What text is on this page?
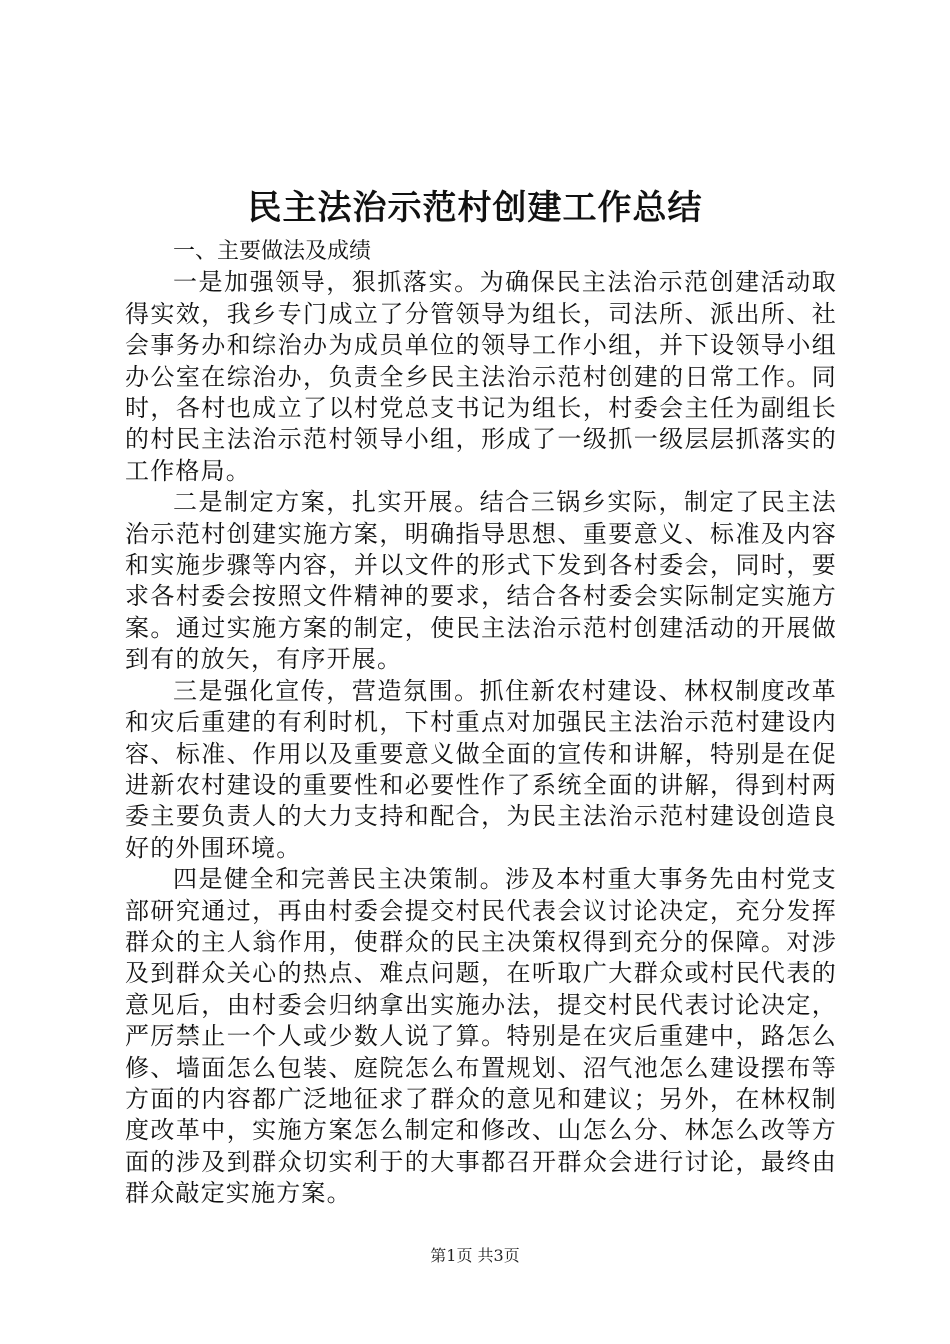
民主法治示范村创建工作总结

一、主要做法及成绩

一是加强领导，狠抓落实。为确保民主法治示范创建活动取得实效，我乡专门成立了分管领导为组长，司法所、派出所、社会事务办和综治办为成员单位的领导工作小组，并下设领导小组办公室在综治办，负责全乡民主法治示范村创建的日常工作。同时，各村也成立了以村党总支书记为组长，村委会主任为副组长的村民主法治示范村领导小组，形成了一级抓一级层层抓落实的工作格局。

二是制定方案，扎实开展。结合三锅乡实际，制定了民主法治示范村创建实施方案，明确指导思想、重要意义、标准及内容和实施步骤等内容，并以文件的形式下发到各村委会，同时，要求各村委会按照文件精神的要求，结合各村委会实际制定实施方案。通过实施方案的制定，使民主法治示范村创建活动的开展做到有的放矢，有序开展。

三是强化宣传，营造氛围。抓住新农村建设、林权制度改革和灾后重建的有利时机，下村重点对加强民主法治示范村建设内容、标准、作用以及重要意义做全面的宣传和讲解，特别是在促进新农村建设的重要性和必要性作了系统全面的讲解，得到村两委主要负责人的大力支持和配合，为民主法治示范村建设创造良好的外围环境。

四是健全和完善民主决策制。涉及本村重大事务先由村党支部研究通过，再由村委会提交村民代表会议讨论决定，充分发挥群众的主人翁作用，使群众的民主决策权得到充分的保障。对涉及到群众关心的热点、难点问题，在听取广大群众或村民代表的意见后，由村委会归纳拿出实施办法，提交村民代表讨论决定，严厉禁止一个人或少数人说了算。特别是在灾后重建中，路怎么修、墙面怎么包装、庭院怎么布置规划、沼气池怎么建设摆布等方面的内容都广泛地征求了群众的意见和建议；另外，在林权制度改革中，实施方案怎么制定和修改、山怎么分、林怎么改等方面的涉及到群众切实利于的大事都召开群众会进行讨论，最终由群众敲定实施方案。

第1页 共3页
